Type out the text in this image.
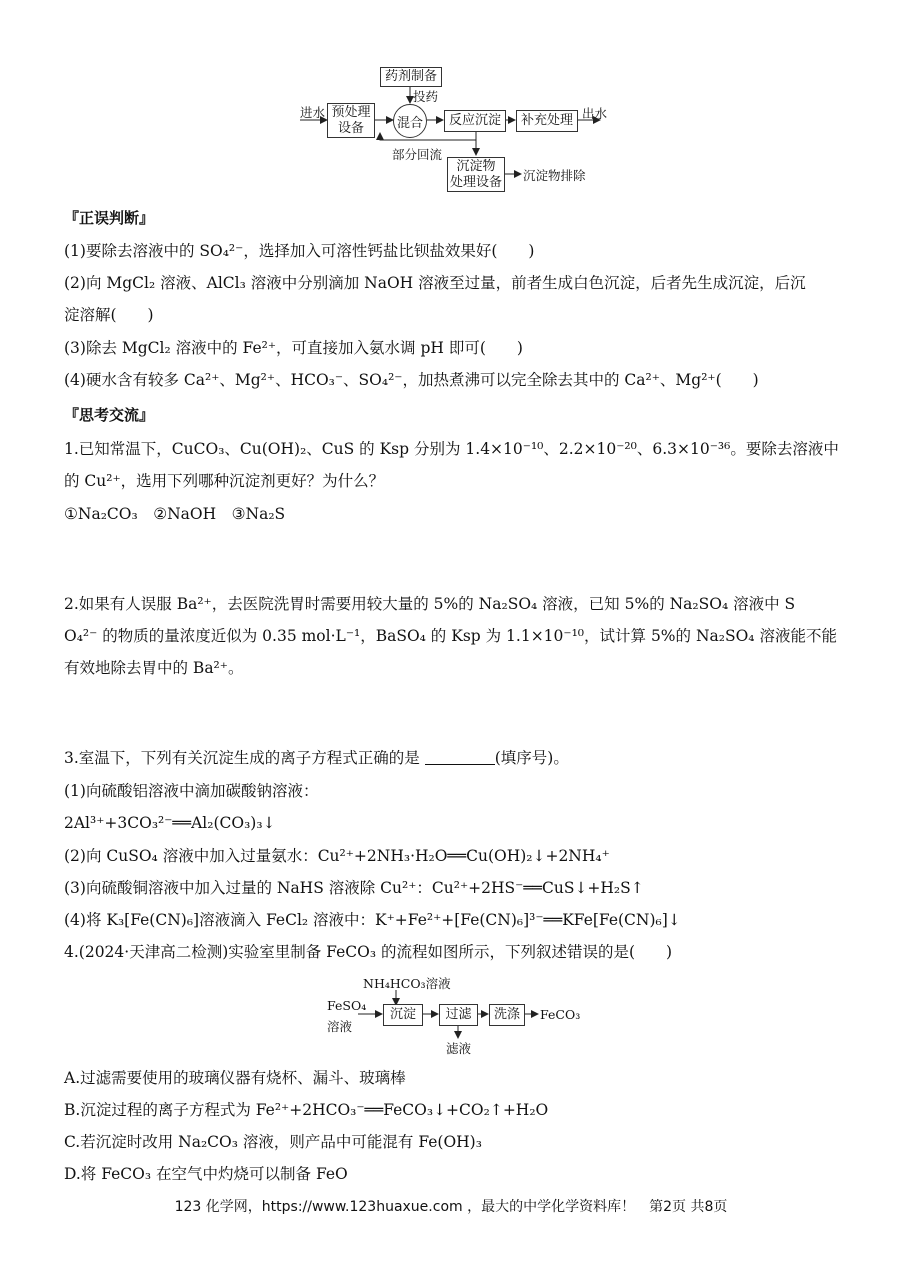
进水 预处理
设备
药剂制备
投药
混合	反应沉淀	补充处理 出水
部分回流
沉淀物
处理设备 沉淀物排除
『正误判断』
(1)要除去溶液中的 SO₄²⁻，选择加入可溶性钙盐比钡盐效果好(　　)
(2)向 MgCl₂ 溶液、AlCl₃ 溶液中分别滴加 NaOH 溶液至过量，前者生成白色沉淀，后者先生成沉淀，后沉
淀溶解(　　)
(3)除去 MgCl₂ 溶液中的 Fe²⁺，可直接加入氨水调 pH 即可(　　)
(4)硬水含有较多 Ca²⁺、Mg²⁺、HCO₃⁻、SO₄²⁻，加热煮沸可以完全除去其中的 Ca²⁺、Mg²⁺(　　)
『思考交流』
1.已知常温下，CuCO₃、Cu(OH)₂、CuS 的 Ksp 分别为 1.4×10⁻¹⁰、2.2×10⁻²⁰、6.3×10⁻³⁶。要除去溶液中
的 Cu²⁺，选用下列哪种沉淀剂更好？为什么？
①Na₂CO₃　②NaOH　③Na₂S
2.如果有人误服 Ba²⁺，去医院洗胃时需要用较大量的 5%的 Na₂SO₄ 溶液，已知 5%的 Na₂SO₄ 溶液中 S
O₄²⁻ 的物质的量浓度近似为 0.35 mol·L⁻¹，BaSO₄ 的 Ksp 为 1.1×10⁻¹⁰，试计算 5%的 Na₂SO₄ 溶液能不能
有效地除去胃中的 Ba²⁺。
3.室温下，下列有关沉淀生成的离子方程式正确的是	(填序号)。
(1)向硫酸铝溶液中滴加碳酸钠溶液：
2Al³⁺+3CO₃²⁻══Al₂(CO₃)₃↓
(2)向 CuSO₄ 溶液中加入过量氨水：Cu²⁺+2NH₃·H₂O══Cu(OH)₂↓+2NH₄⁺
(3)向硫酸铜溶液中加入过量的 NaHS 溶液除 Cu²⁺：Cu²⁺+2HS⁻══CuS↓+H₂S↑
(4)将 K₃[Fe(CN)₆]溶液滴入 FeCl₂ 溶液中：K⁺+Fe²⁺+[Fe(CN)₆]³⁻══KFe[Fe(CN)₆]↓
4.(2024·天津高二检测)实验室里制备 FeCO₃ 的流程如图所示，下列叙述错误的是(　　)
NH₄HCO₃溶液
FeSO₄
溶液
沉淀	过滤	洗涤	FeCO₃
滤液
A.过滤需要使用的玻璃仪器有烧杯、漏斗、玻璃棒
B.沉淀过程的离子方程式为 Fe²⁺+2HCO₃⁻══FeCO₃↓+CO₂↑+H₂O
C.若沉淀时改用 Na₂CO₃ 溶液，则产品中可能混有 Fe(OH)₃
D.将 FeCO₃ 在空气中灼烧可以制备 FeO
123 化学网，https://www.123huaxue.com ，最大的中学化学资料库！　第2页 共8页
